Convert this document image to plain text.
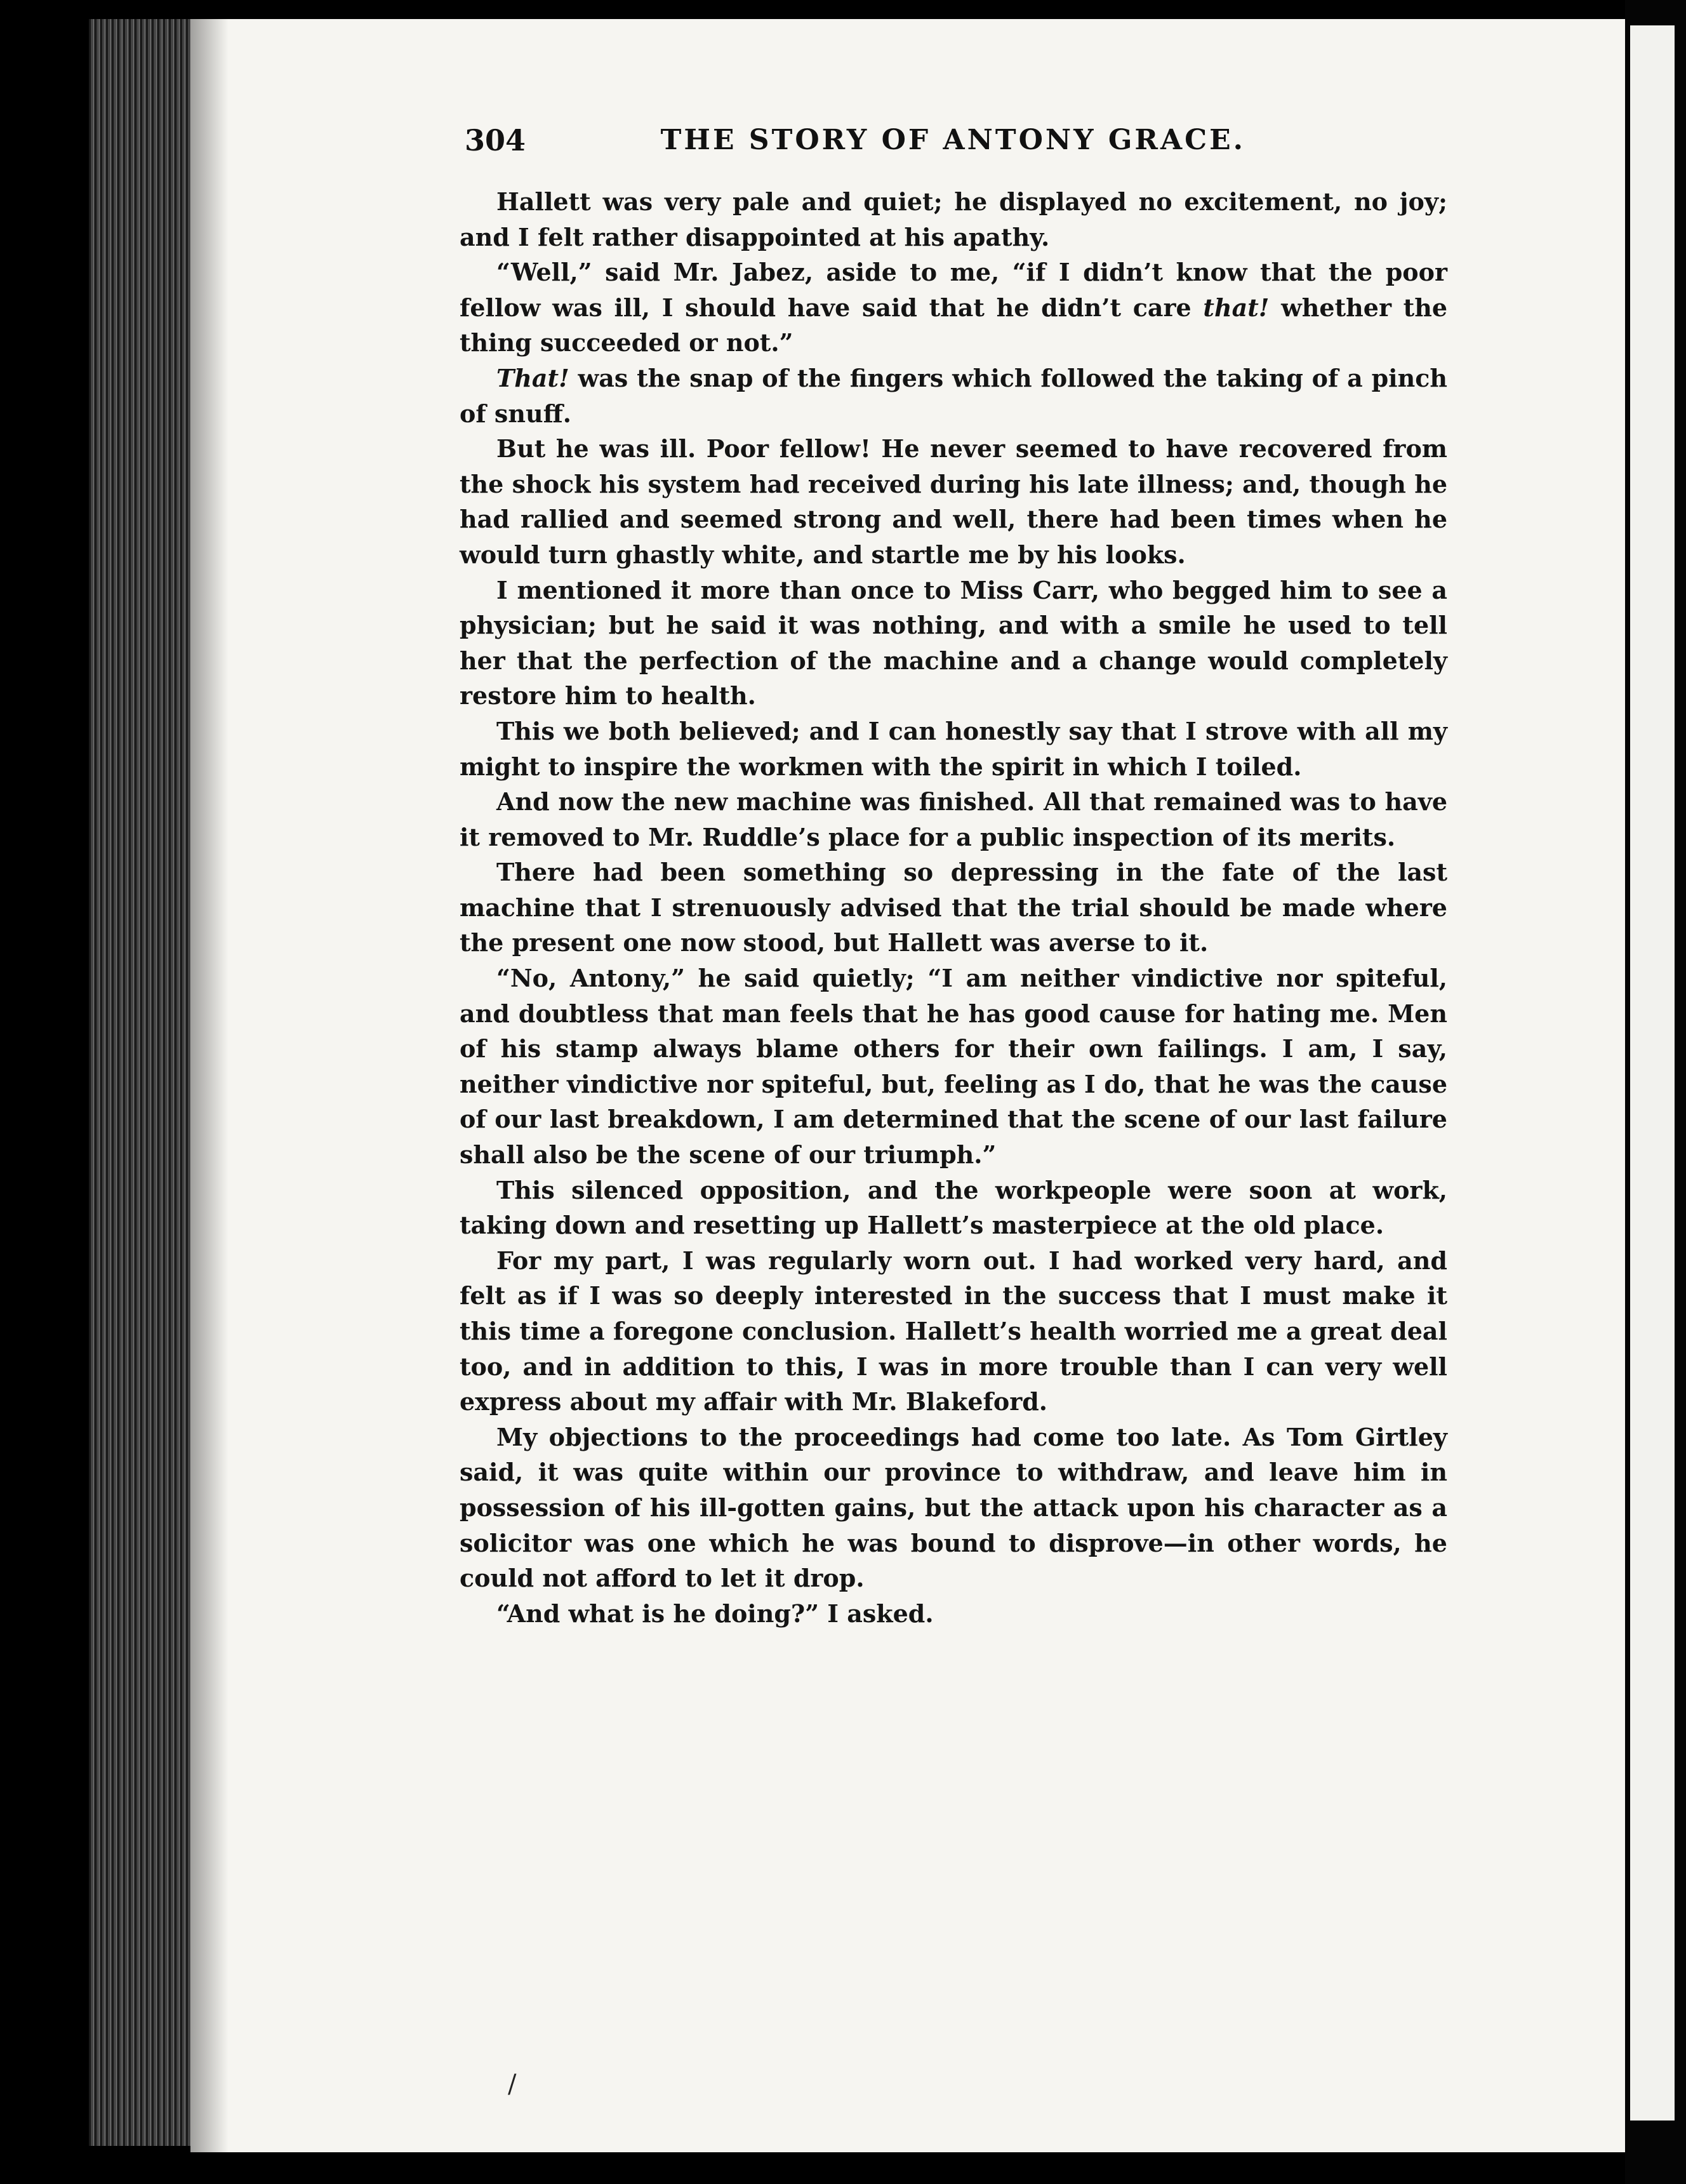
304	THE STORY OF ANTONY GRACE.

Hallett was very pale and quiet; he displayed no excitement, no joy; and I felt rather disappointed at his apathy.

“Well,” said Mr. Jabez, aside to me, “if I didn’t know that the poor fellow was ill, I should have said that he didn’t care that! whether the thing succeeded or not.”

That! was the snap of the fingers which followed the taking of a pinch of snuff.

But he was ill. Poor fellow! He never seemed to have recovered from the shock his system had received during his late illness; and, though he had rallied and seemed strong and well, there had been times when he would turn ghastly white, and startle me by his looks.

I mentioned it more than once to Miss Carr, who begged him to see a physician; but he said it was nothing, and with a smile he used to tell her that the perfection of the machine and a change would completely restore him to health.

This we both believed; and I can honestly say that I strove with all my might to inspire the workmen with the spirit in which I toiled.

And now the new machine was finished. All that remained was to have it removed to Mr. Ruddle’s place for a public inspection of its merits.

There had been something so depressing in the fate of the last machine that I strenuously advised that the trial should be made where the present one now stood, but Hallett was averse to it.

“No, Antony,” he said quietly; “I am neither vindictive nor spiteful, and doubtless that man feels that he has good cause for hating me. Men of his stamp always blame others for their own failings. I am, I say, neither vindictive nor spiteful, but, feeling as I do, that he was the cause of our last breakdown, I am determined that the scene of our last failure shall also be the scene of our triumph.”

This silenced opposition, and the workpeople were soon at work, taking down and resetting up Hallett’s masterpiece at the old place.

For my part, I was regularly worn out. I had worked very hard, and felt as if I was so deeply interested in the success that I must make it this time a foregone conclusion. Hallett’s health worried me a great deal too, and in addition to this, I was in more trouble than I can very well express about my affair with Mr. Blakeford.

My objections to the proceedings had come too late. As Tom Girtley said, it was quite within our province to withdraw, and leave him in possession of his ill-gotten gains, but the attack upon his character as a solicitor was one which he was bound to disprove—in other words, he could not afford to let it drop.

“And what is he doing?” I asked.

/
